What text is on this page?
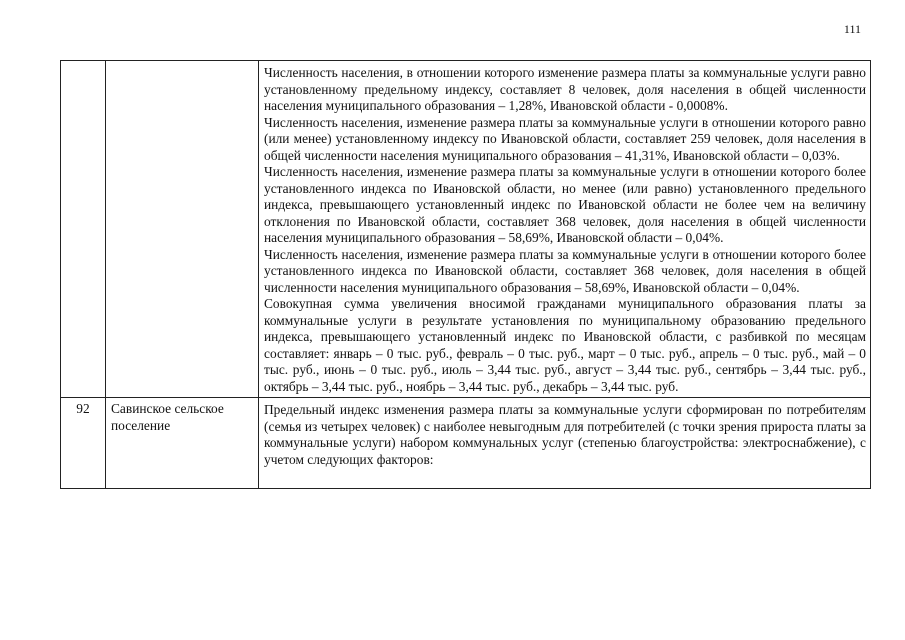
111

		Численность населения, в отношении которого изменение размера платы за коммунальные услуги равно установленному предельному индексу, составляет 8 человек, доля населения в общей численности населения муниципального образования – 1,28%, Ивановской области - 0,0008%.

Численность населения, изменение размера платы за коммунальные услуги в отношении которого равно (или менее) установленному индексу по Ивановской области, составляет 259 человек, доля населения в общей численности населения муниципального образования – 41,31%, Ивановской области – 0,03%.

Численность населения, изменение размера платы за коммунальные услуги в отношении которого более установленного индекса по Ивановской области, но менее (или равно) установленного предельного индекса, превышающего установленный индекс по Ивановской области не более чем на величину отклонения по Ивановской области, составляет 368 человек, доля населения в общей численности населения муниципального образования – 58,69%, Ивановской области – 0,04%.

Численность населения, изменение размера платы за коммунальные услуги в отношении которого более установленного индекса по Ивановской области, составляет 368 человек, доля населения в общей численности населения муниципального образования – 58,69%, Ивановской области – 0,04%.

Совокупная сумма увеличения вносимой гражданами муниципального образования платы за коммунальные услуги в результате установления по муниципальному образованию предельного индекса, превышающего установленный индекс по Ивановской области, с разбивкой по месяцам составляет: январь – 0 тыс. руб., февраль – 0 тыс. руб., март – 0 тыс. руб., апрель – 0 тыс. руб., май – 0 тыс. руб., июнь – 0 тыс. руб., июль – 3,44 тыс. руб., август – 3,44 тыс. руб., сентябрь – 3,44 тыс. руб., октябрь – 3,44 тыс. руб., ноябрь – 3,44 тыс. руб., декабрь – 3,44 тыс. руб.

92	Савинское сельское поселение	Предельный индекс изменения размера платы за коммунальные услуги сформирован по потребителям (семья из четырех человек) с наиболее невыгодным для потребителей (с точки зрения прироста платы за коммунальные услуги) набором коммунальных услуг (степенью благоустройства: электроснабжение), с учетом следующих факторов:
